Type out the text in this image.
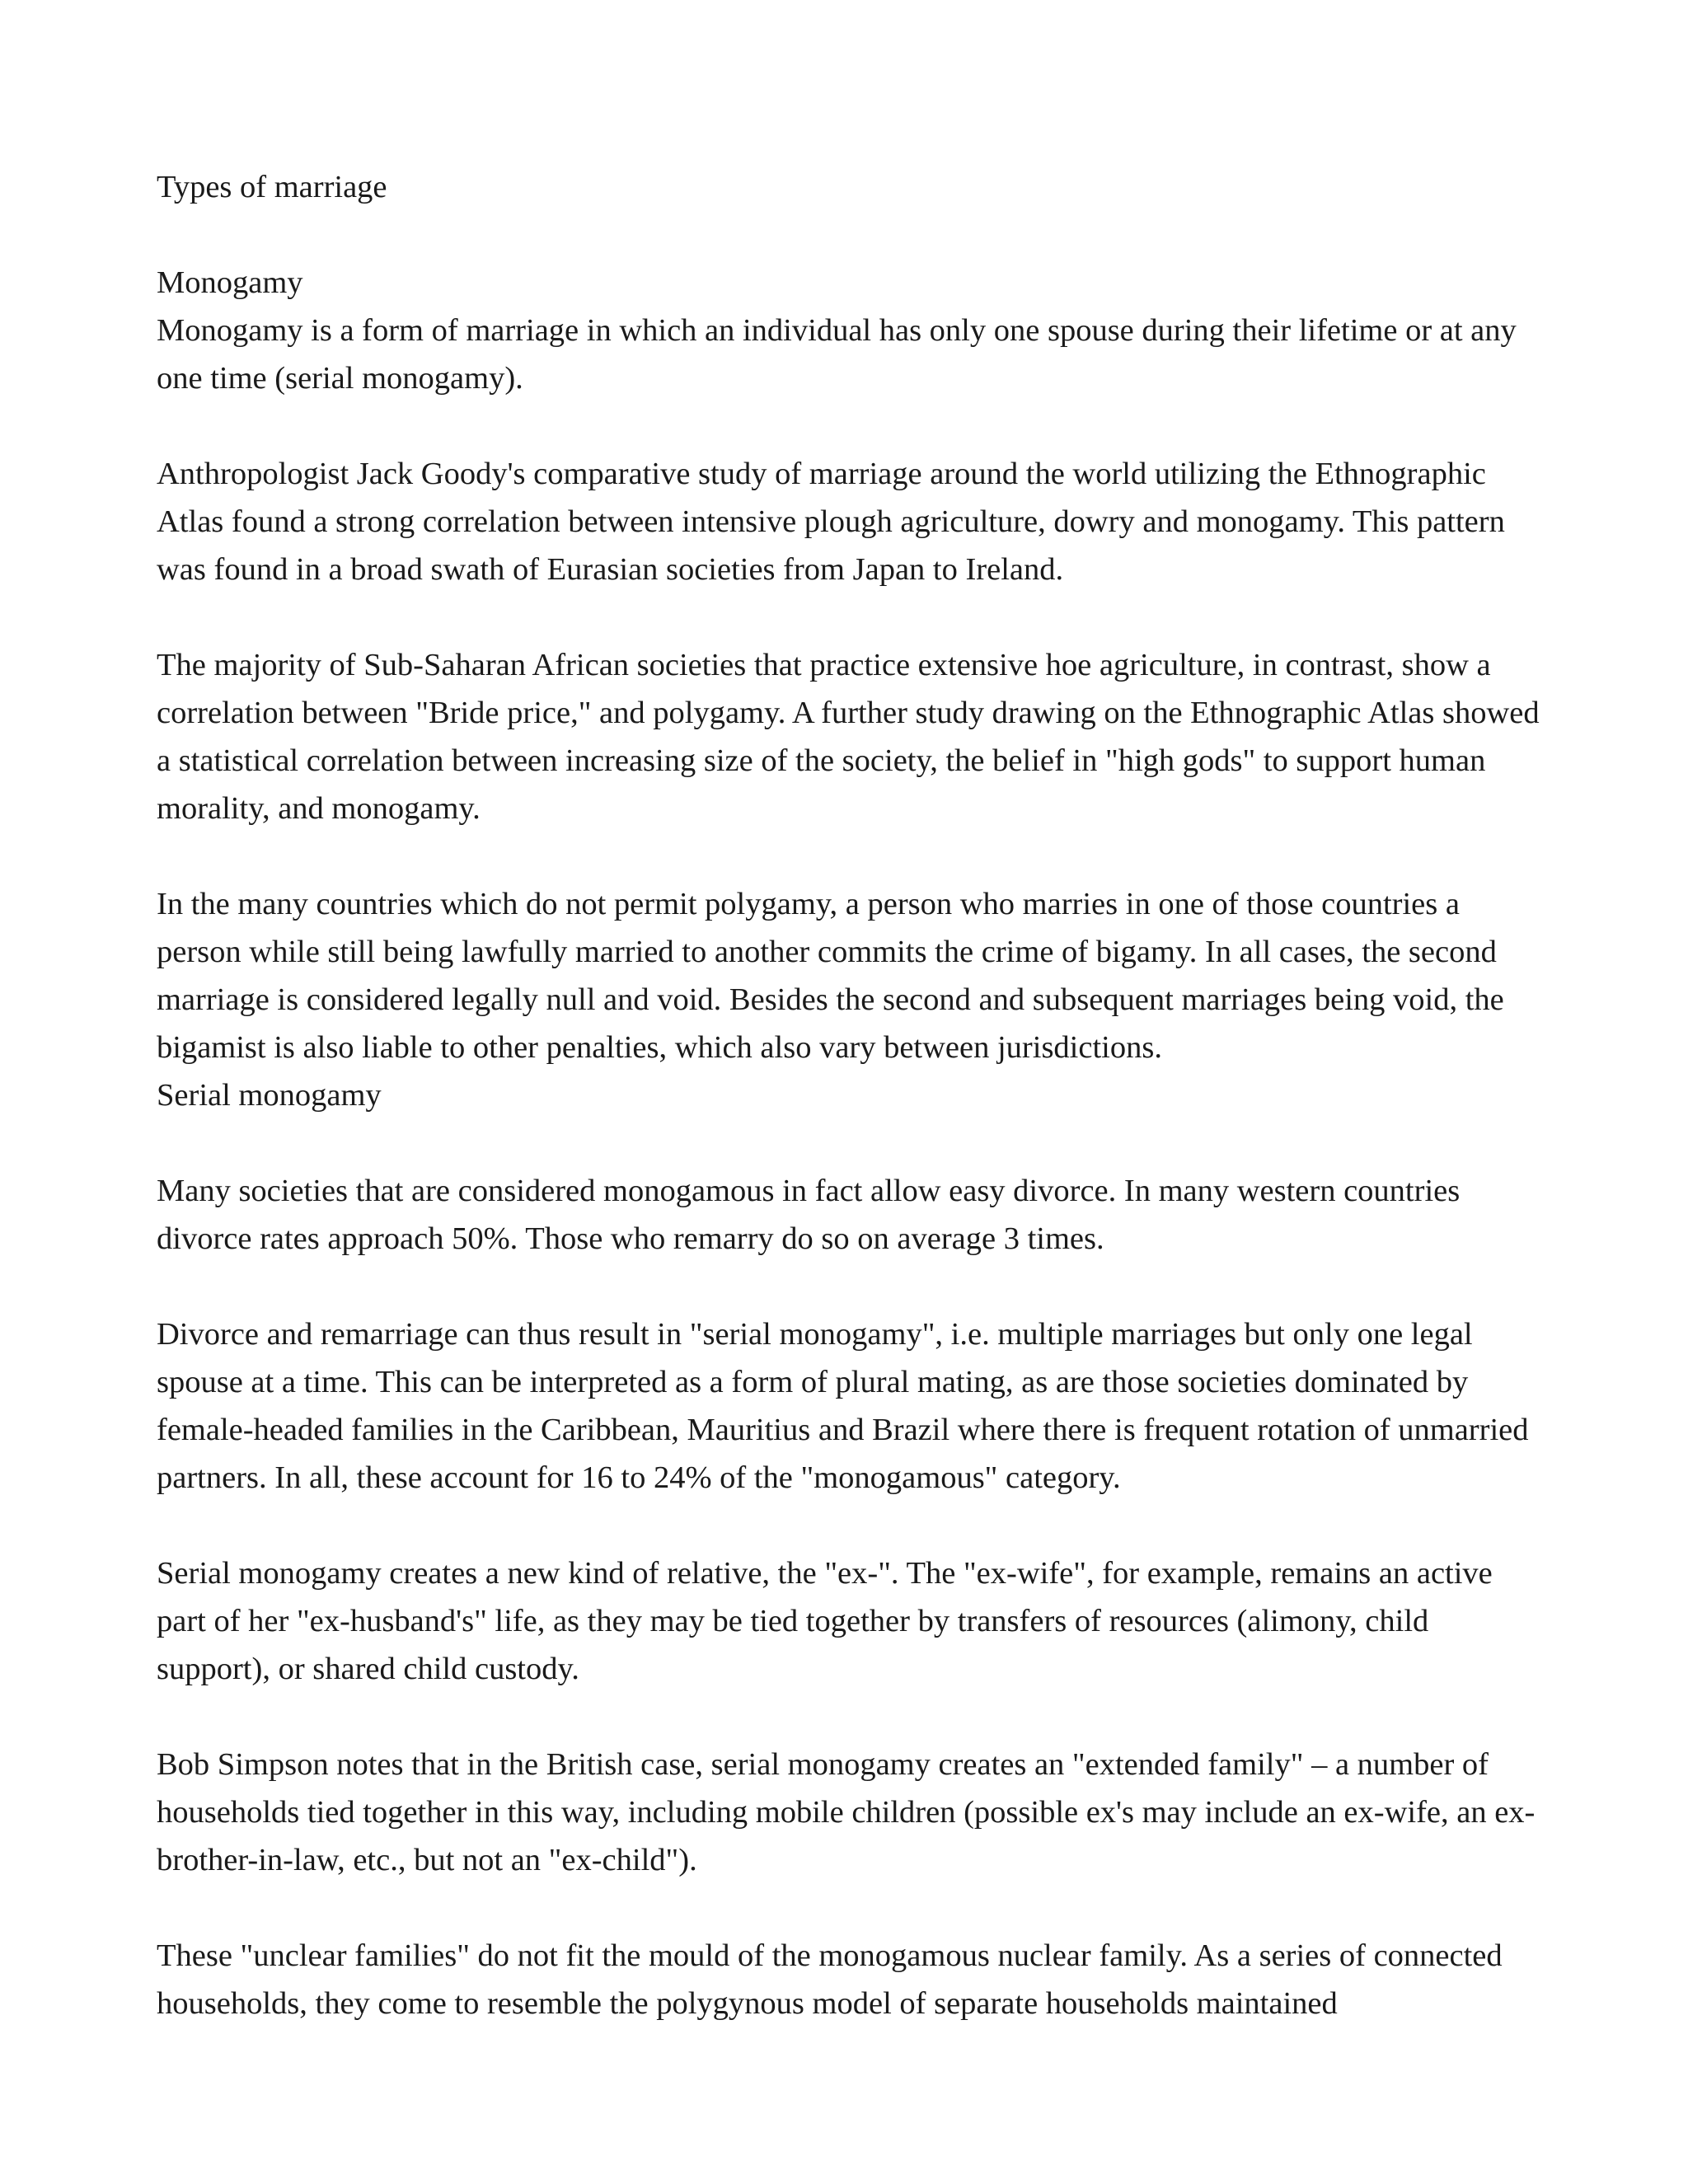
Types of marriage

Monogamy

Monogamy is a form of marriage in which an individual has only one spouse during their lifetime or at any one time (serial monogamy).

Anthropologist Jack Goody's comparative study of marriage around the world utilizing the Ethnographic Atlas found a strong correlation between intensive plough agriculture, dowry and monogamy. This pattern was found in a broad swath of Eurasian societies from Japan to Ireland.

The majority of Sub-Saharan African societies that practice extensive hoe agriculture, in contrast, show a correlation between "Bride price," and polygamy. A further study drawing on the Ethnographic Atlas showed a statistical correlation between increasing size of the society, the belief in "high gods" to support human morality, and monogamy.

In the many countries which do not permit polygamy, a person who marries in one of those countries a person while still being lawfully married to another commits the crime of bigamy. In all cases, the second marriage is considered legally null and void. Besides the second and subsequent marriages being void, the bigamist is also liable to other penalties, which also vary between jurisdictions.

Serial monogamy

Many societies that are considered monogamous in fact allow easy divorce. In many western countries divorce rates approach 50%. Those who remarry do so on average 3 times.

Divorce and remarriage can thus result in "serial monogamy", i.e. multiple marriages but only one legal spouse at a time. This can be interpreted as a form of plural mating, as are those societies dominated by female-headed families in the Caribbean, Mauritius and Brazil where there is frequent rotation of unmarried partners. In all, these account for 16 to 24% of the "monogamous" category.

Serial monogamy creates a new kind of relative, the "ex-". The "ex-wife", for example, remains an active part of her "ex-husband's" life, as they may be tied together by transfers of resources (alimony, child support), or shared child custody.

Bob Simpson notes that in the British case, serial monogamy creates an "extended family" – a number of households tied together in this way, including mobile children (possible ex's may include an ex-wife, an ex-brother-in-law, etc., but not an "ex-child").

These "unclear families" do not fit the mould of the monogamous nuclear family. As a series of connected households, they come to resemble the polygynous model of separate households maintained
